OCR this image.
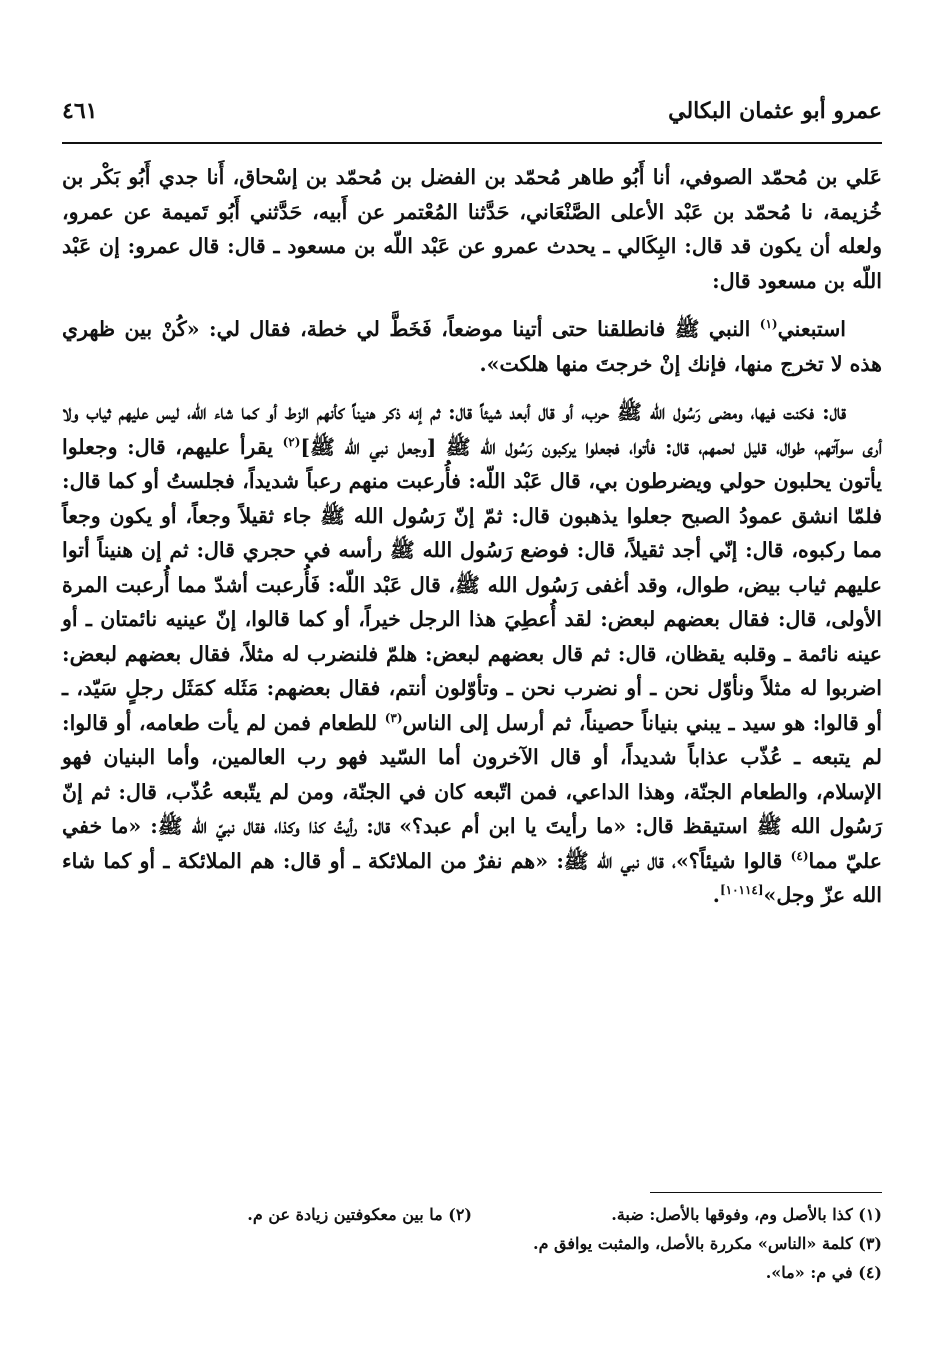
عمرو أبو عثمان البكالي
٤٦١

عَلي بن مُحمّد الصوفي، أنا أَبُو طاهر مُحمّد بن الفضل بن مُحمّد بن إسْحاق، أَنا جدي أَبُو بَكْر بن خُزيمة، نا مُحمّد بن عَبْد الأعلى الصَّنْعَاني، حَدَّثنا المُعْتمر عن أَبيه، حَدَّثني أَبُو تَميمة عن عمرو، ولعله أن يكون قد قال: البِكَالي ـ يحدث عمرو عن عَبْد اللّه بن مسعود ـ قال: قال عمرو: إن عَبْد اللّه بن مسعود قال:

استبعني$^{(١)}$ النبي ﷺ فانطلقنا حتى أتينا موضعاً، فَخَطَّ لي خطة، فقال لي: «كُنْ بين ظهري هذه لا تخرج منها، فإنك إنْ خرجتَ منها هلكت».

قال: فكنت فيها، ومضى رَسُول الله ﷺ حرب، أو قال أبعد شيئاً قال: ثم إنه ذكر هنيناً كأنهم الزط أو كما شاء الله، ليس عليهم ثياب ولا أرى سوآتهم، طوال، قليل لحمهم، قال: فأتوا، فجعلوا يركبون رَسُول الله ﷺ [وجعل نبي الله ﷺ]$^{(٢)}$ يقرأ عليهم، قال: وجعلوا يأتون يحلبون حولي ويضرطون بي، قال عَبْد اللّه: فأُرعبت منهم رعباً شديداً، فجلستُ أو كما قال: فلمّا انشق عمودُ الصبح جعلوا يذهبون قال: ثمّ إنّ رَسُول الله ﷺ جاء ثقيلاً وجعاً، أو يكون وجعاً مما ركبوه، قال: إنّي أجد ثقيلاً، قال: فوضع رَسُول الله ﷺ رأسه في حجري قال: ثم إن هنيناً أتوا عليهم ثياب بيض، طوال، وقد أغفى رَسُول الله ﷺ، قال عَبْد اللّه: فَأُرعبت أشدّ مما أُرعبت المرة الأولى، قال: فقال بعضهم لبعض: لقد أُعطِيَ هذا الرجل خيراً، أو كما قالوا، إنّ عينيه نائمتان ـ أو عينه نائمة ـ وقلبه يقظان، قال: ثم قال بعضهم لبعض: هلمّ فلنضرب له مثلاً، فقال بعضهم لبعض: اضربوا له مثلاً ونأوّل نحن ـ أو نضرب نحن ـ وتأوّلون أنتم، فقال بعضهم: مَثَله كمَثَل رجلٍ سَيّد، ـ أو قالوا: هو سيد ـ يبني بنياناً حصيناً، ثم أرسل إلى الناس$^{(٣)}$ للطعام فمن لم يأت طعامه، أو قالوا: لم يتبعه ـ عُذّب عذاباً شديداً، أو قال الآخرون أما السّيد فهو رب العالمين، وأما البنيان فهو الإسلام، والطعام الجنّة، وهذا الداعي، فمن اتّبعه كان في الجنّة، ومن لم يتّبعه عُذّب، قال: ثم إنّ رَسُول الله ﷺ استيقظ قال: «ما رأيتَ يا ابن أم عبد؟» قال: رأيتُ كذا وكذا، فقال نبيّ الله ﷺ: «ما خفي عليّ مما$^{(٤)}$ قالوا شيئاً؟»، قال نبي الله ﷺ: «هم نفرٌ من الملائكة ـ أو قال: هم الملائكة ـ أو كما شاء الله عزّ وجل»[١٠١١٤].

(١) كذا بالأصل وم، وفوقها بالأصل: ضبة.
(٢) ما بين معكوفتين زيادة عن م.
(٣) كلمة «الناس» مكررة بالأصل، والمثبت يوافق م.
(٤) في م: «ما».
